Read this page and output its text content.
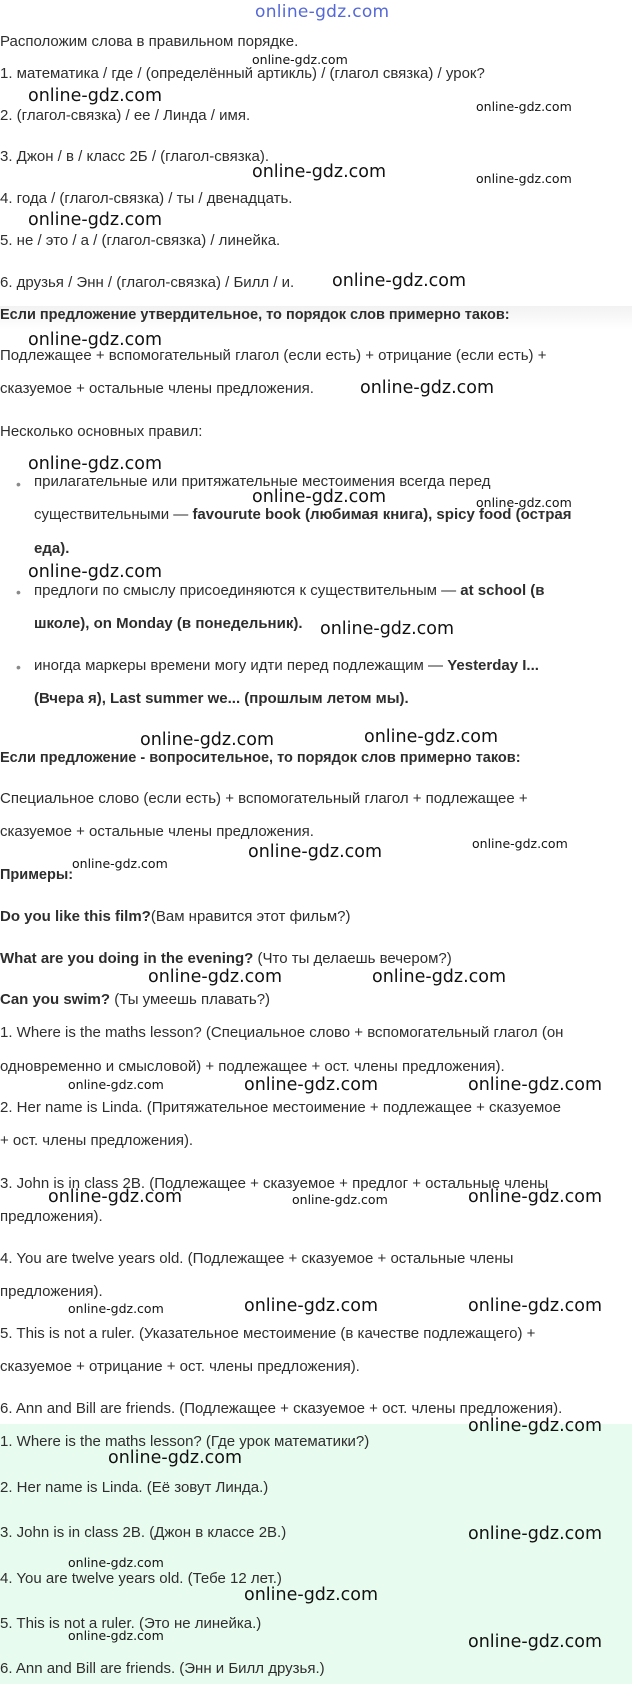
online-gdz.com
Расположим слова в правильном порядке.
1. математика / где / (определённый артикль) / (глагол связка) / урок?
2. (глагол-связка) / ее / Линда / имя.
3. Джон / в / класс 2Б / (глагол-связка).
4. года / (глагол-связка) / ты / двенадцать.
5. не / это / а / (глагол-связка) / линейка.
6. друзья / Энн / (глагол-связка) / Билл / и.
Если предложение утвердительное, то порядок слов примерно таков:
Подлежащее + вспомогательный глагол (если есть) + отрицание (если есть) +
сказуемое + остальные члены предложения.
Несколько основных правил:
• прилагательные или притяжательные местоимения всегда перед
существительными — favourute book (любимая книга), spicy food (острая
еда).
• предлоги по смыслу присоединяются к существительным — at school (в
школе), on Monday (в понедельник).
• иногда маркеры времени могу идти перед подлежащим — Yesterday I...
(Вчера я), Last summer we... (прошлым летом мы).
Если предложение - вопросительное, то порядок слов примерно таков:
Специальное слово (если есть) + вспомогательный глагол + подлежащее +
сказуемое + остальные члены предложения.
Примеры:
Do you like this film?(Вам нравится этот фильм?)
What are you doing in the evening? (Что ты делаешь вечером?)
Can you swim? (Ты умеешь плавать?)
1. Where is the maths lesson? (Специальное слово + вспомогательный глагол (он
одновременно и смысловой) + подлежащее + ост. члены предложения).
2. Her name is Linda. (Притяжательное местоимение + подлежащее + сказуемое
+ ост. члены предложения).
3. John is in class 2B. (Подлежащее + сказуемое + предлог + остальные члены
предложения).
4. You are twelve years old. (Подлежащее + сказуемое + остальные члены
предложения).
5. This is not a ruler. (Указательное местоимение (в качестве подлежащего) +
сказуемое + отрицание + ост. члены предложения).
6. Ann and Bill are friends. (Подлежащее + сказуемое + ост. члены предложения).
1. Where is the maths lesson? (Где урок математики?)
2. Her name is Linda. (Её зовут Линда.)
3. John is in class 2B. (Джон в классе 2B.)
4. You are twelve years old. (Тебе 12 лет.)
5. This is not a ruler. (Это не линейка.)
6. Ann and Bill are friends. (Энн и Билл друзья.)
online-gdz.com
online-gdz.com
online-gdz.com
online-gdz.com
online-gdz.com
online-gdz.com
online-gdz.com
online-gdz.com
online-gdz.com
online-gdz.com
online-gdz.com	online-gdz.com
online-gdz.com
online-gdz.com	online-gdz.com
online-gdz.com	online-gdz.com
online-gdz.com	online-gdz.com
online-gdz.com	online-gdz.com
online-gdz.com
online-gdz.com
online-gdz.com
online-gdz.com
online-gdz.com
online-gdz.com
online-gdz.com
online-gdz.com
online-gdz.com
online-gdz.com
online-gdz.com
online-gdz.com
online-gdz.com
online-gdz.com
online-gdz.com
online-gdz.com
